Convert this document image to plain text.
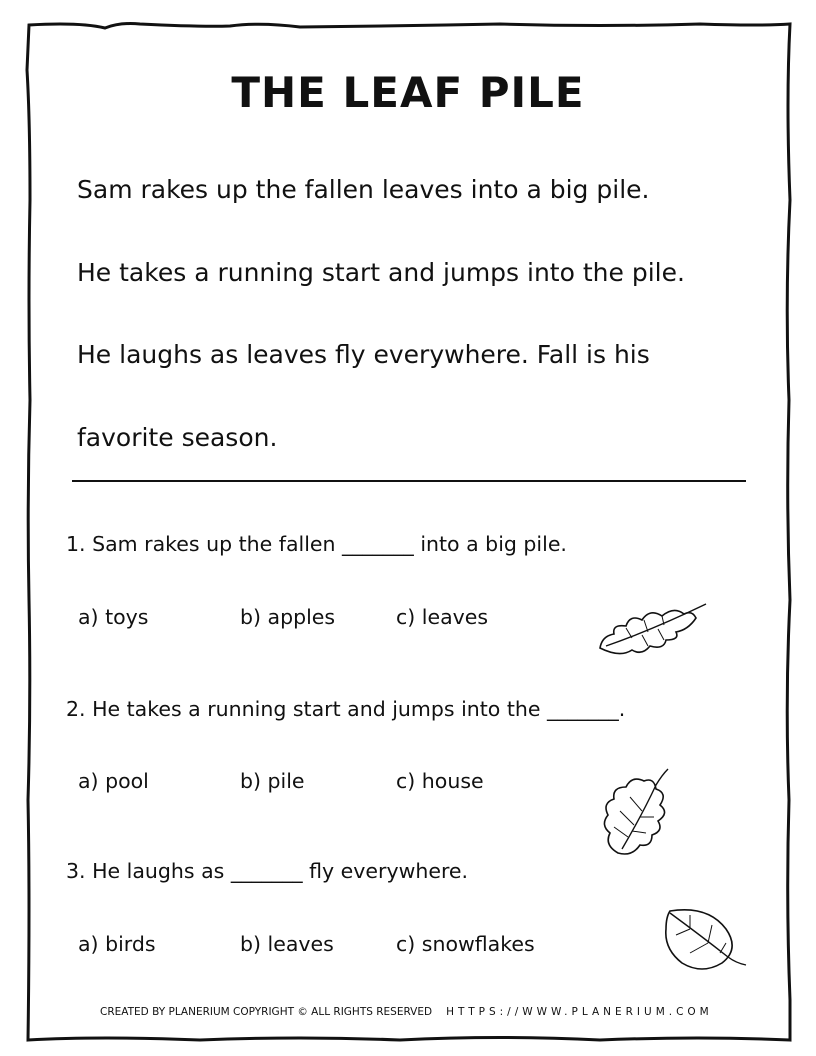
THE LEAF PILE
Sam rakes up the fallen leaves into a big pile.
He takes a running start and jumps into the pile.
He laughs as leaves fly everywhere. Fall is his
favorite season.
1. Sam rakes up the fallen _______ into a big pile.
a) toys	b) apples	c) leaves
2. He takes a running start and jumps into the _______.
a) pool	b) pile	c) house
3. He laughs as _______ fly everywhere.
a) birds	b) leaves	c) snowflakes
CREATED BY PLANERIUM COPYRIGHT © ALL RIGHTS RESERVED HTTPS://WWW.PLANERIUM.COM
